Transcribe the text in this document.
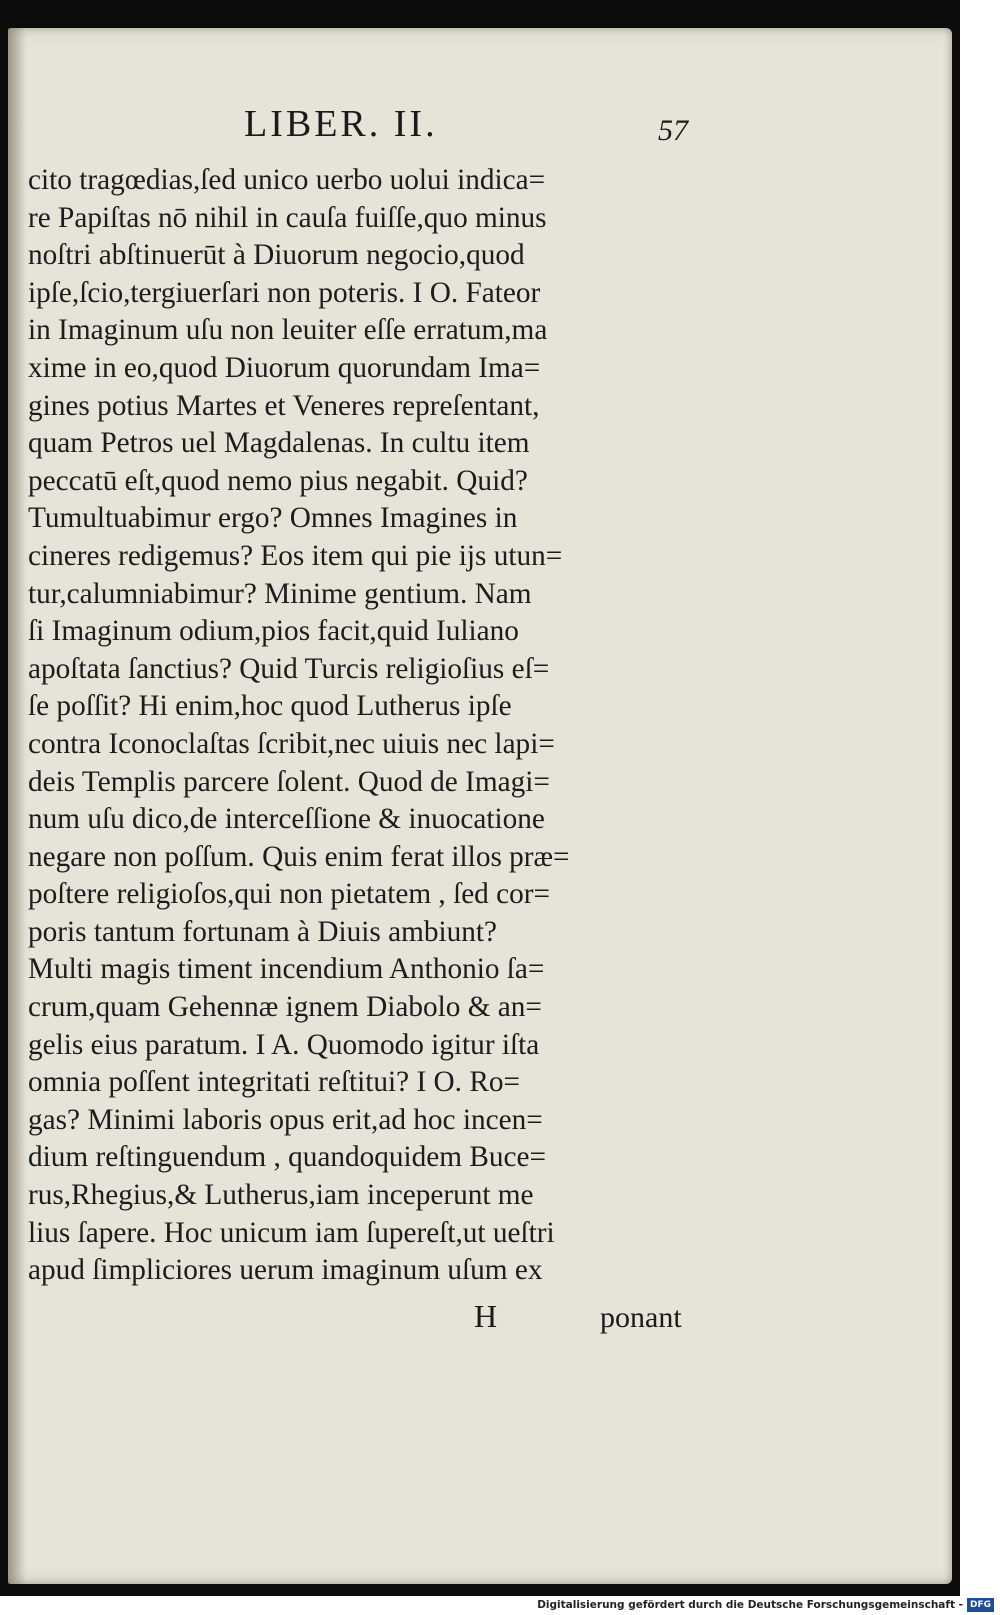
LIBER. II.	57
cito tragœdias,ſed unico uerbo uolui indica=
re Papiſtas nō nihil in cauſa fuiſſe,quo minus
noſtri abſtinuerūt à Diuorum negocio,quod
ipſe,ſcio,tergiuerſari non poteris. I O. Fateor
in Imaginum uſu non leuiter eſſe erratum,ma
xime in eo,quod Diuorum quorundam Ima=
gines potius Martes et Veneres repreſentant,
quam Petros uel Magdalenas. In cultu item
peccatū eſt,quod nemo pius negabit. Quid?
Tumultuabimur ergo? Omnes Imagines in
cineres redigemus? Eos item qui pie ijs utun=
tur,calumniabimur? Minime gentium. Nam
ſi Imaginum odium,pios facit,quid Iuliano
apoſtata ſanctius? Quid Turcis religioſius eſ=
ſe poſſit? Hi enim,hoc quod Lutherus ipſe
contra Iconoclaſtas ſcribit,nec uiuis nec lapi=
deis Templis parcere ſolent. Quod de Imagi=
num uſu dico,de interceſſione & inuocatione
negare non poſſum. Quis enim ferat illos præ=
poſtere religioſos,qui non pietatem , ſed cor=
poris tantum fortunam à Diuis ambiunt?
Multi magis timent incendium Anthonio ſa=
crum,quam Gehennæ ignem Diabolo & an=
gelis eius paratum. I A. Quomodo igitur iſta
omnia poſſent integritati reſtitui? I O. Ro=
gas? Minimi laboris opus erit,ad hoc incen=
dium reſtinguendum , quandoquidem Buce=
rus,Rhegius,& Lutherus,iam inceperunt me
lius ſapere. Hoc unicum iam ſupereſt,ut ueſtri
apud ſimpliciores uerum imaginum uſum ex
H	ponant
Digitalisierung gefördert durch die Deutsche Forschungsgemeinschaft - DFG
